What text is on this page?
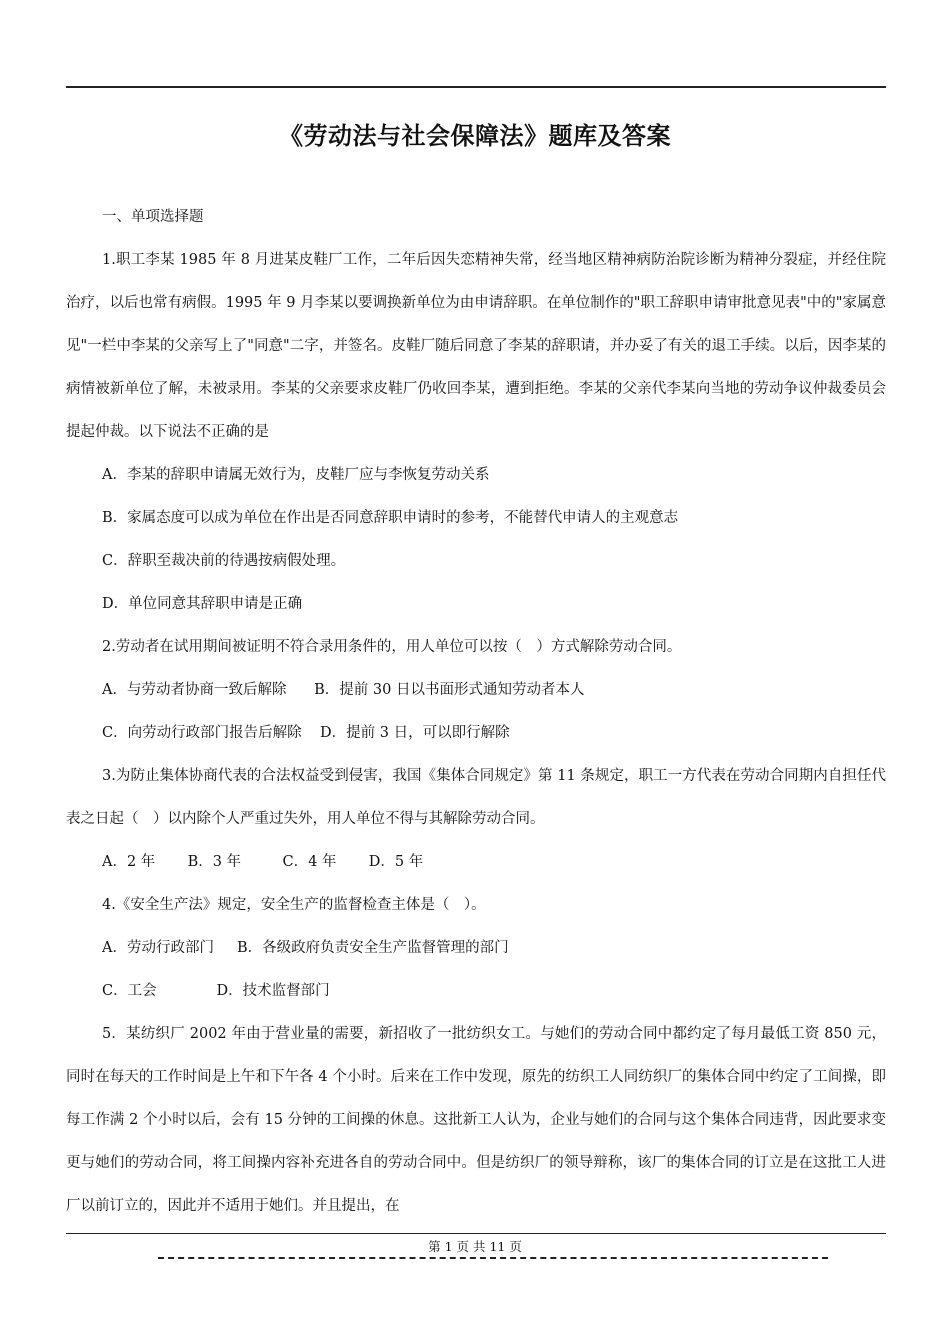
《劳动法与社会保障法》题库及答案

一、单项选择题

1.职工李某 1985 年 8 月进某皮鞋厂工作，二年后因失恋精神失常，经当地区精神病防治院诊断为精神分裂症，并经住院治疗，以后也常有病假。1995 年 9 月李某以要调换新单位为由申请辞职。在单位制作的"职工辞职申请审批意见表"中的"家属意见"一栏中李某的父亲写上了"同意"二字，并签名。皮鞋厂随后同意了李某的辞职请，并办妥了有关的退工手续。以后，因李某的病情被新单位了解，未被录用。李某的父亲要求皮鞋厂仍收回李某，遭到拒绝。李某的父亲代李某向当地的劳动争议仲裁委员会提起仲裁。以下说法不正确的是

A．李某的辞职申请属无效行为，皮鞋厂应与李恢复劳动关系

B．家属态度可以成为单位在作出是否同意辞职申请时的参考，不能替代申请人的主观意志

C．辞职至裁决前的待遇按病假处理。

D．单位同意其辞职申请是正确

2.劳动者在试用期间被证明不符合录用条件的，用人单位可以按（　）方式解除劳动合同。

A．与劳动者协商一致后解除      B．提前 30 日以书面形式通知劳动者本人

C．向劳动行政部门报告后解除    D．提前 3 日，可以即行解除

3.为防止集体协商代表的合法权益受到侵害，我国《集体合同规定》第 11 条规定，职工一方代表在劳动合同期内自担任代表之日起（　）以内除个人严重过失外，用人单位不得与其解除劳动合同。

A．2 年       B．3 年         C．4 年       D．5 年

4.《安全生产法》规定，安全生产的监督检查主体是（　）。

A．劳动行政部门     B．各级政府负责安全生产监督管理的部门

C．工会             D．技术监督部门

5．某纺织厂 2002 年由于营业量的需要，新招收了一批纺织女工。与她们的劳动合同中都约定了每月最低工资 850 元，同时在每天的工作时间是上午和下午各 4 个小时。后来在工作中发现，原先的纺织工人同纺织厂的集体合同中约定了工间操，即每工作满 2 个小时以后，会有 15 分钟的工间操的休息。这批新工人认为，企业与她们的合同与这个集体合同违背，因此要求变更与她们的劳动合同，将工间操内容补充进各自的劳动合同中。但是纺织厂的领导辩称，该厂的集体合同的订立是在这批工人进厂以前订立的，因此并不适用于她们。并且提出，在

第 1 页 共 11 页
